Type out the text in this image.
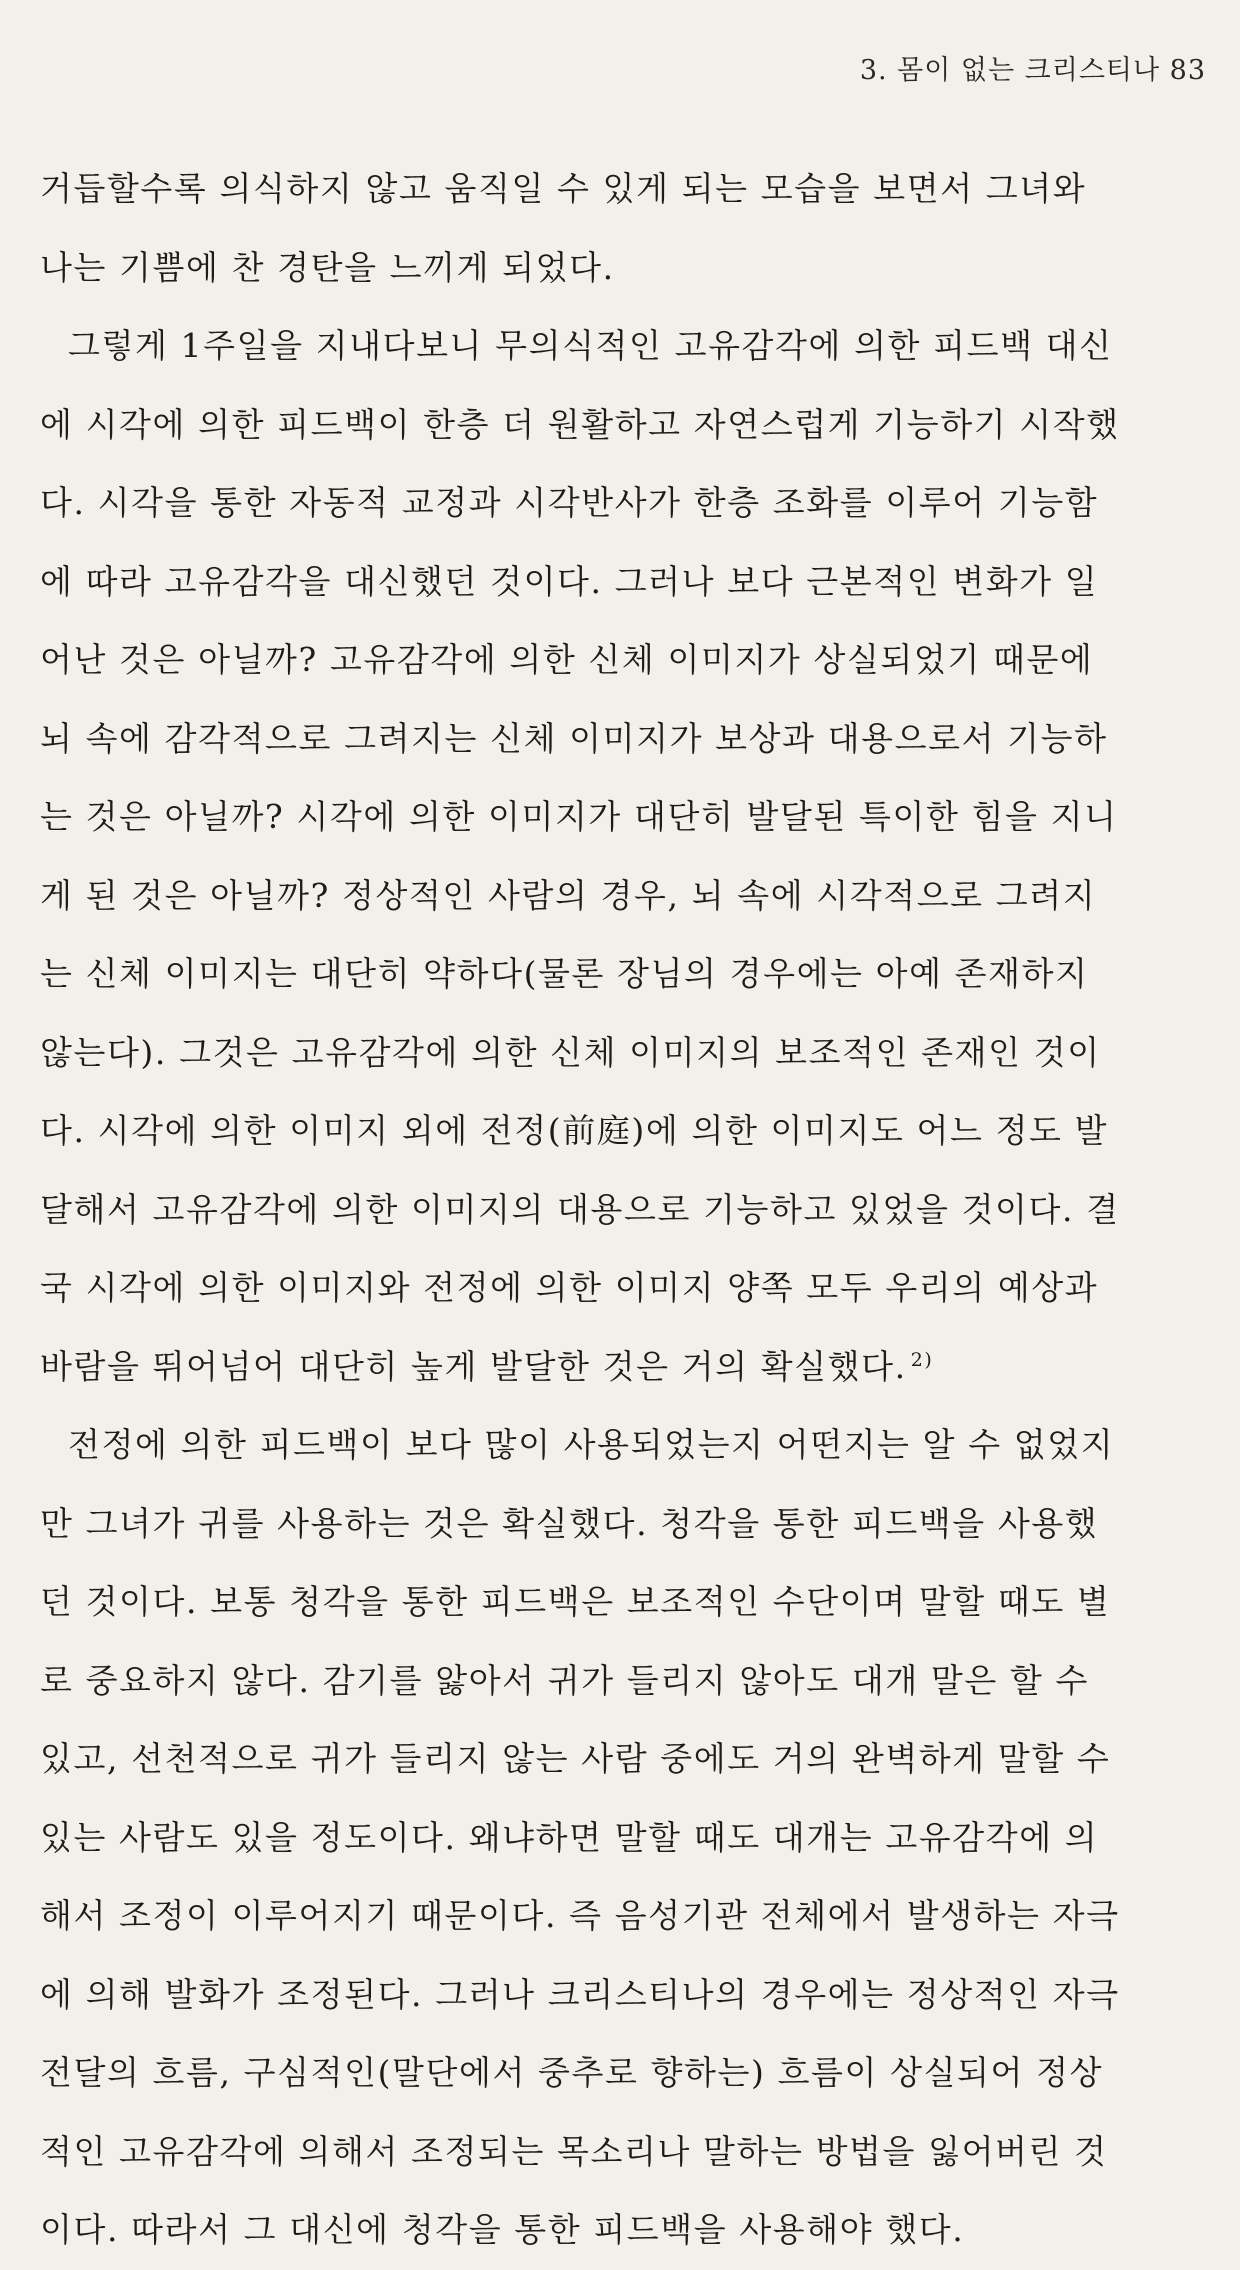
3. 몸이 없는 크리스티나 83
거듭할수록 의식하지 않고 움직일 수 있게 되는 모습을 보면서 그녀와
나는 기쁨에 찬 경탄을 느끼게 되었다.
그렇게 1주일을 지내다보니 무의식적인 고유감각에 의한 피드백 대신
에 시각에 의한 피드백이 한층 더 원활하고 자연스럽게 기능하기 시작했
다. 시각을 통한 자동적 교정과 시각반사가 한층 조화를 이루어 기능함
에 따라 고유감각을 대신했던 것이다. 그러나 보다 근본적인 변화가 일
어난 것은 아닐까? 고유감각에 의한 신체 이미지가 상실되었기 때문에
뇌 속에 감각적으로 그려지는 신체 이미지가 보상과 대용으로서 기능하
는 것은 아닐까? 시각에 의한 이미지가 대단히 발달된 특이한 힘을 지니
게 된 것은 아닐까? 정상적인 사람의 경우, 뇌 속에 시각적으로 그려지
는 신체 이미지는 대단히 약하다(물론 장님의 경우에는 아예 존재하지
않는다). 그것은 고유감각에 의한 신체 이미지의 보조적인 존재인 것이
다. 시각에 의한 이미지 외에 전정(前庭)에 의한 이미지도 어느 정도 발
달해서 고유감각에 의한 이미지의 대용으로 기능하고 있었을 것이다. 결
국 시각에 의한 이미지와 전정에 의한 이미지 양쪽 모두 우리의 예상과
바람을 뛰어넘어 대단히 높게 발달한 것은 거의 확실했다. $^{2)}$
전정에 의한 피드백이 보다 많이 사용되었는지 어떤지는 알 수 없었지
만 그녀가 귀를 사용하는 것은 확실했다. 청각을 통한 피드백을 사용했
던 것이다. 보통 청각을 통한 피드백은 보조적인 수단이며 말할 때도 별
로 중요하지 않다. 감기를 앓아서 귀가 들리지 않아도 대개 말은 할 수
있고, 선천적으로 귀가 들리지 않는 사람 중에도 거의 완벽하게 말할 수
있는 사람도 있을 정도이다. 왜냐하면 말할 때도 대개는 고유감각에 의
해서 조정이 이루어지기 때문이다. 즉 음성기관 전체에서 발생하는 자극
에 의해 발화가 조정된다. 그러나 크리스티나의 경우에는 정상적인 자극
전달의 흐름, 구심적인(말단에서 중추로 향하는) 흐름이 상실되어 정상
적인 고유감각에 의해서 조정되는 목소리나 말하는 방법을 잃어버린 것
이다. 따라서 그 대신에 청각을 통한 피드백을 사용해야 했다.
